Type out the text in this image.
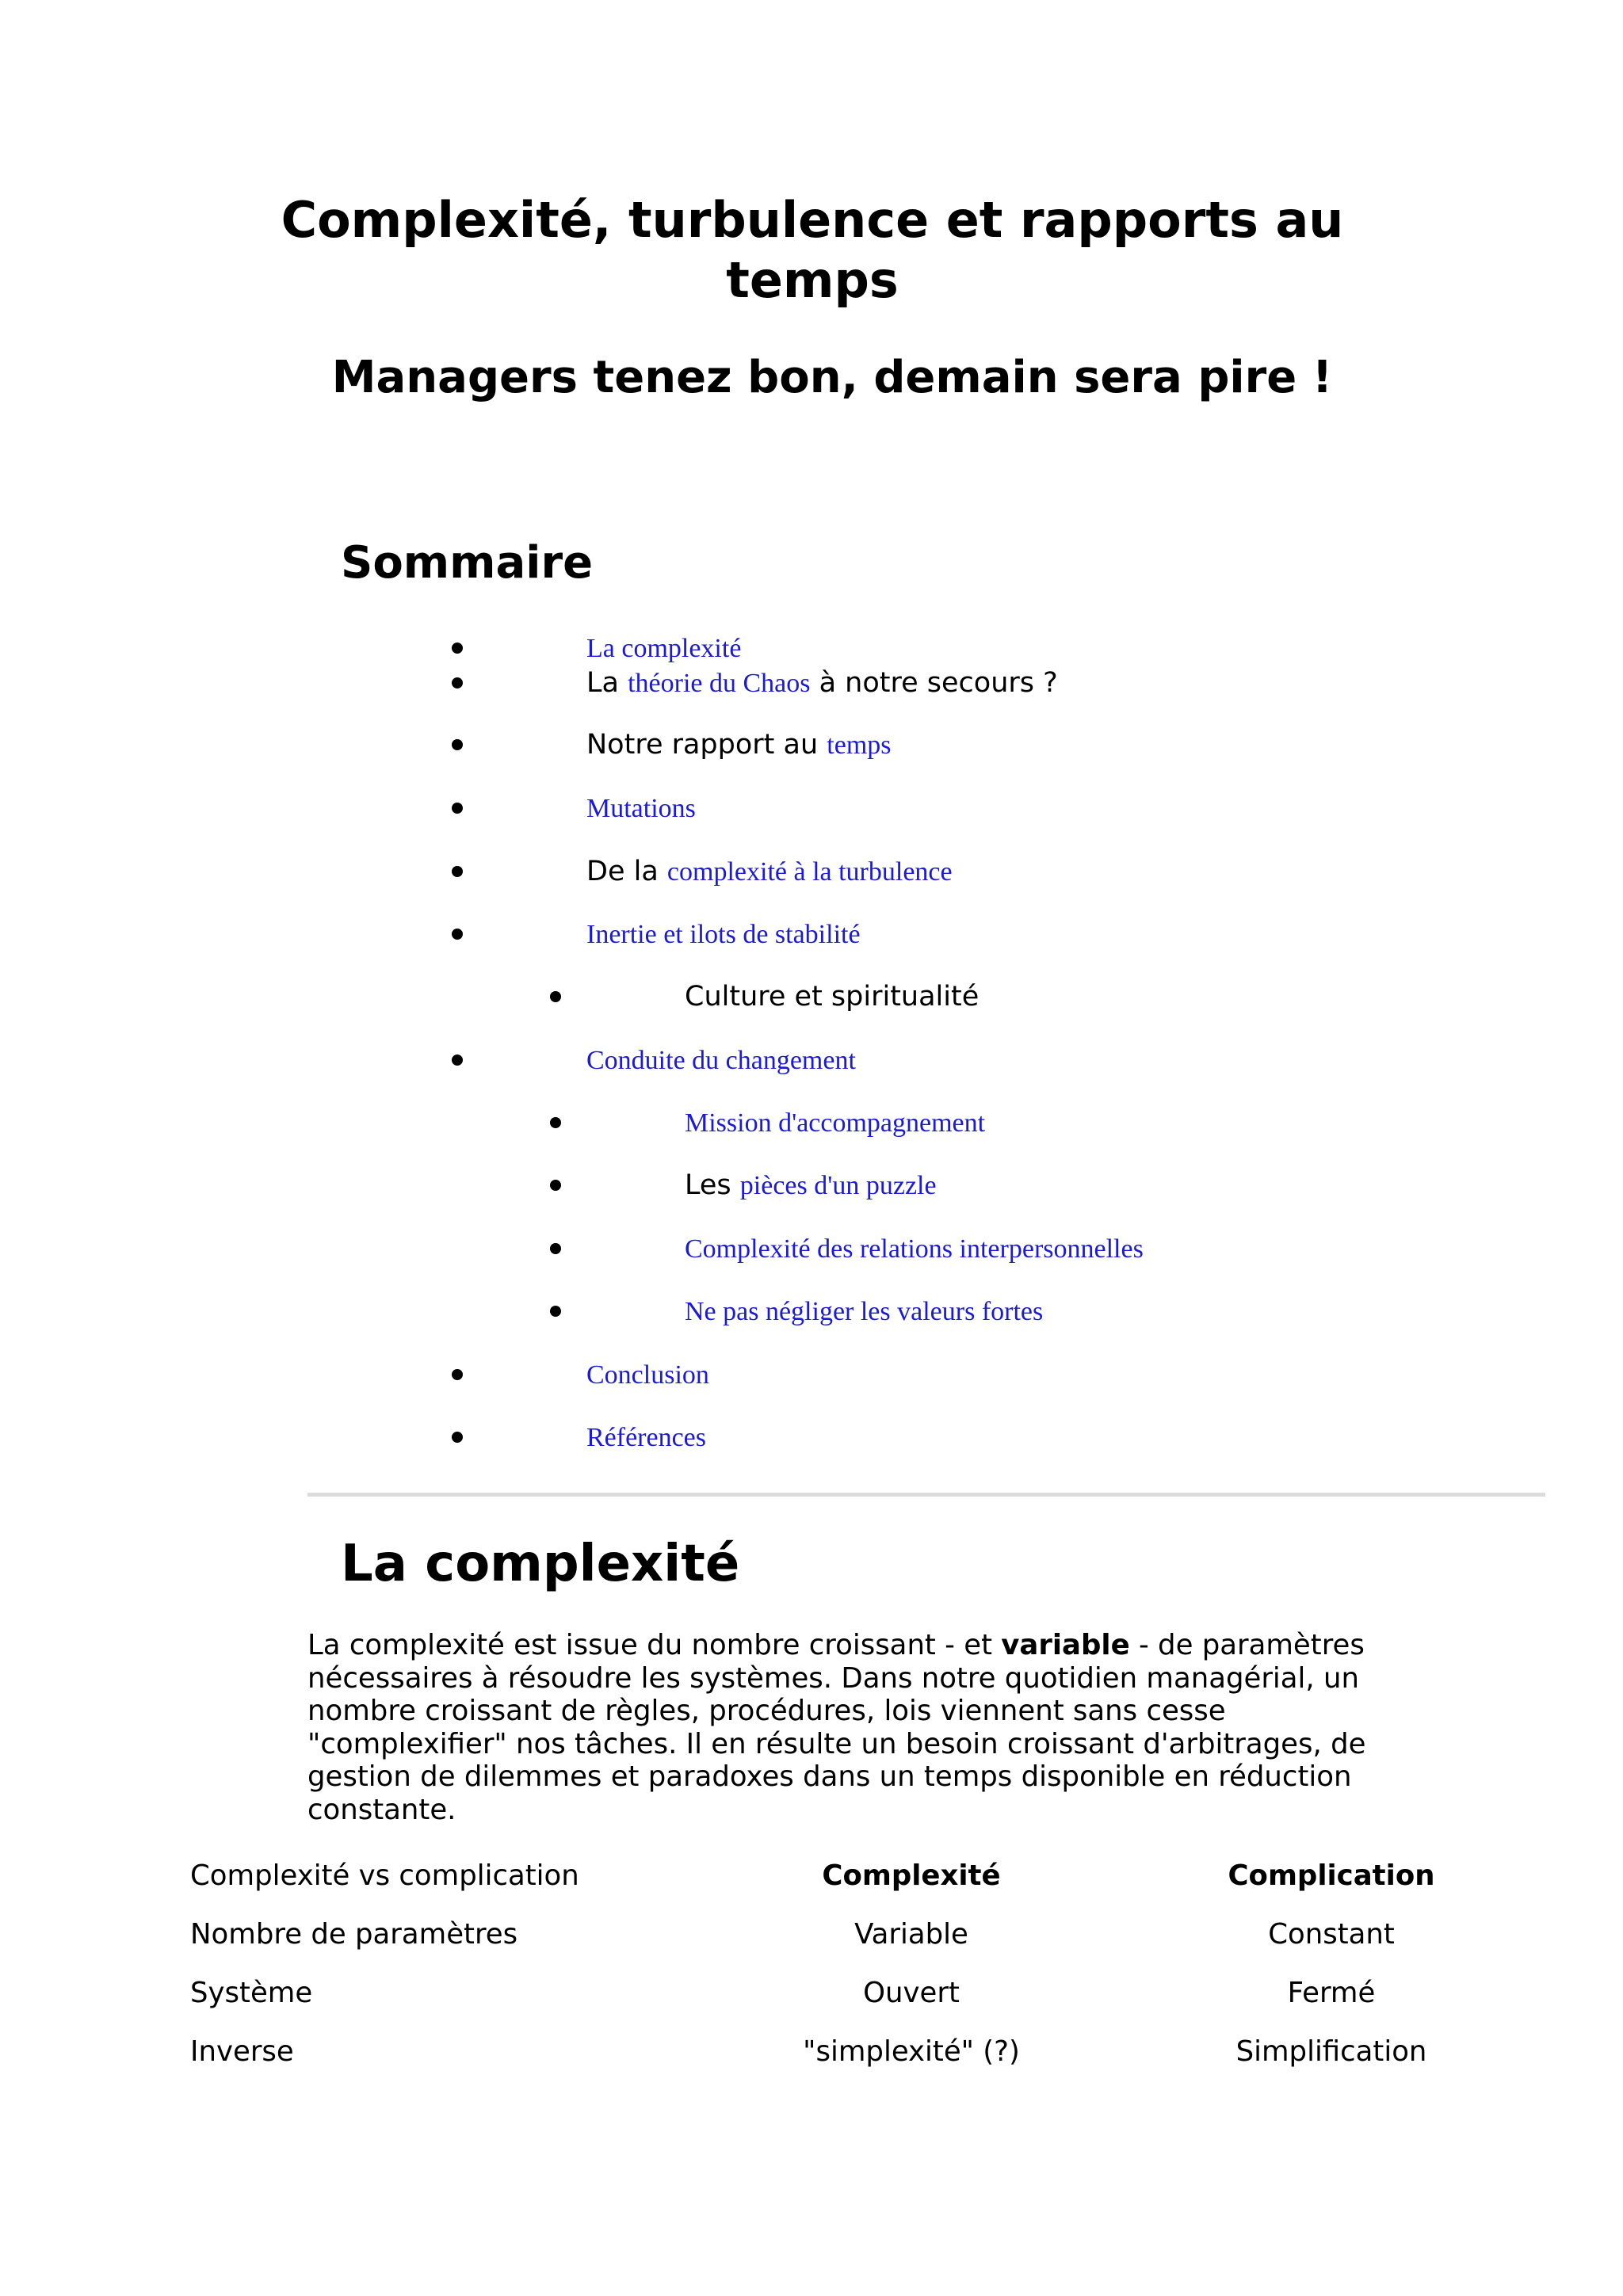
Complexité, turbulence et rapports au temps
Managers tenez bon, demain sera pire !
Sommaire
La complexité
La théorie du Chaos à notre secours ?
Notre rapport au temps
Mutations
De la complexité à la turbulence
Inertie et ilots de stabilité
Culture et spiritualité
Conduite du changement
Mission d'accompagnement
Les pièces d'un puzzle
Complexité des relations interpersonnelles
Ne pas négliger les valeurs fortes
Conclusion
Références
La complexité

La complexité est issue du nombre croissant - et variable - de paramètres nécessaires à résoudre les systèmes. Dans notre quotidien managérial, un nombre croissant de règles, procédures, lois viennent sans cesse "complexifier" nos tâches. Il en résulte un besoin croissant d'arbitrages, de gestion de dilemmes et paradoxes dans un temps disponible en réduction constante.

Complexité vs complication	Complexité	Complication
Nombre de paramètres	Variable	Constant
Système	Ouvert	Fermé
Inverse	"simplexité" (?)	Simplification
